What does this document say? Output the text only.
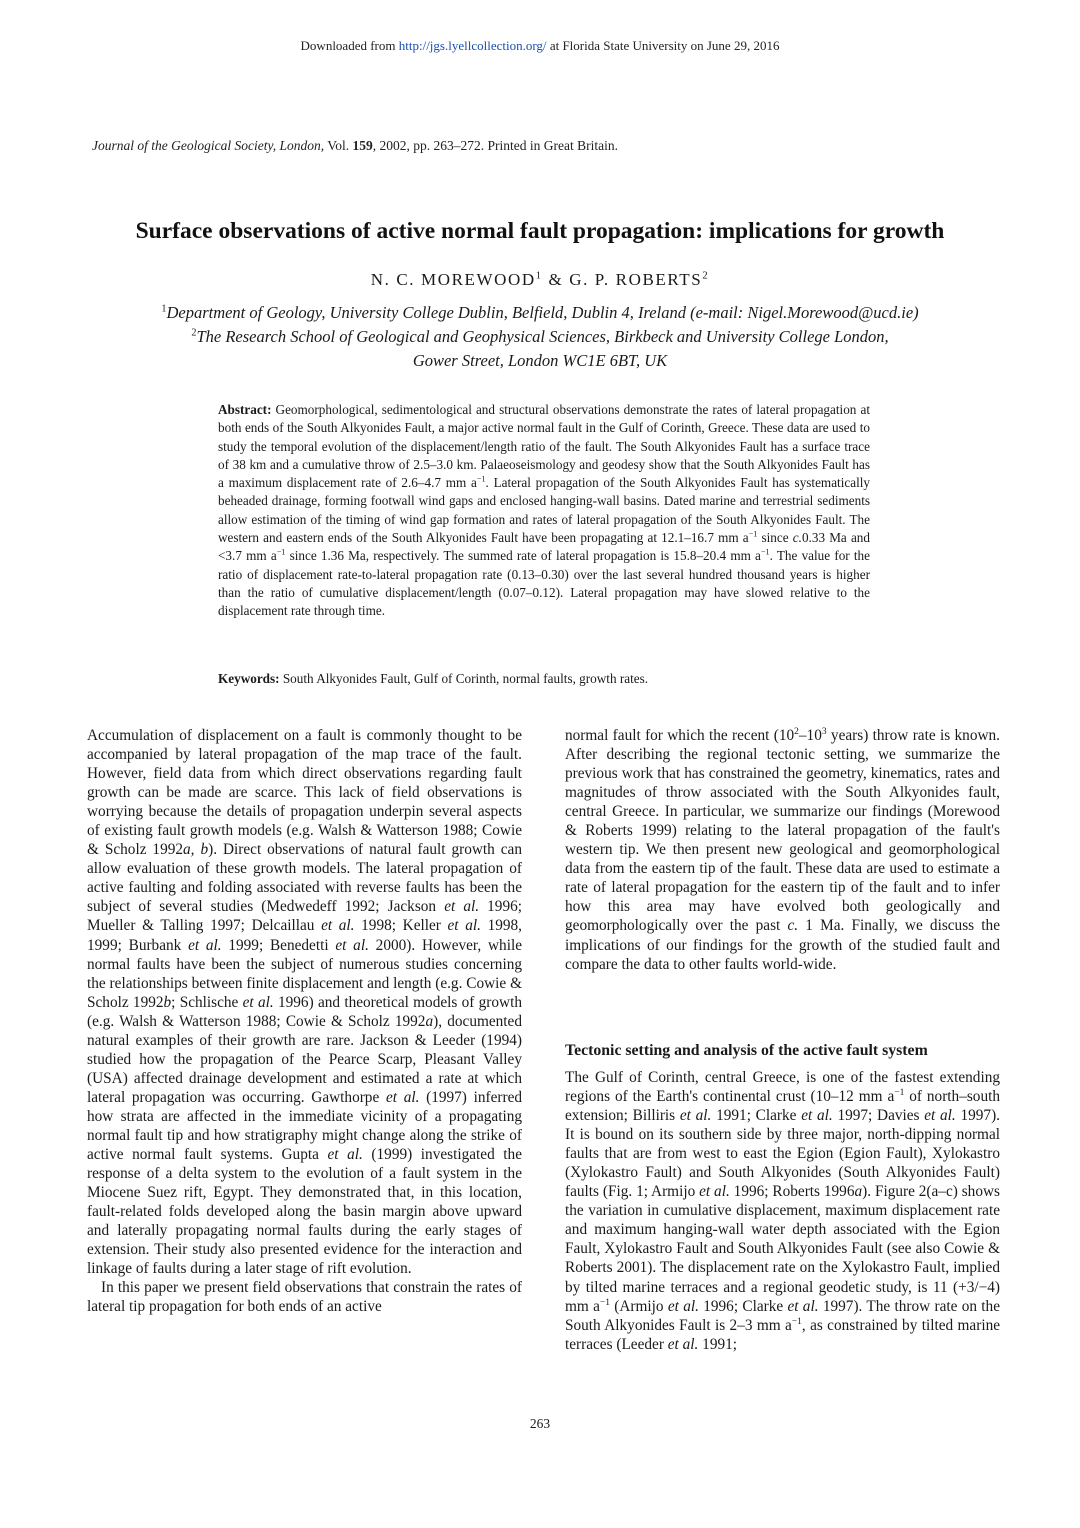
Downloaded from http://jgs.lyellcollection.org/ at Florida State University on June 29, 2016
Journal of the Geological Society, London, Vol. 159, 2002, pp. 263–272. Printed in Great Britain.
Surface observations of active normal fault propagation: implications for growth
N. C. MOREWOOD$^1$ & G. P. ROBERTS$^2$
$^1$Department of Geology, University College Dublin, Belfield, Dublin 4, Ireland (e-mail: Nigel.Morewood@ucd.ie)
$^2$The Research School of Geological and Geophysical Sciences, Birkbeck and University College London,
Gower Street, London WC1E 6BT, UK
Abstract: Geomorphological, sedimentological and structural observations demonstrate the rates of lateral propagation at both ends of the South Alkyonides Fault, a major active normal fault in the Gulf of Corinth, Greece. These data are used to study the temporal evolution of the displacement/length ratio of the fault. The South Alkyonides Fault has a surface trace of 38 km and a cumulative throw of 2.5–3.0 km. Palaeoseismology and geodesy show that the South Alkyonides Fault has a maximum displacement rate of 2.6–4.7 mm $a^{-1}$. Lateral propagation of the South Alkyonides Fault has systematically beheaded drainage, forming footwall wind gaps and enclosed hanging-wall basins. Dated marine and terrestrial sediments allow estimation of the timing of wind gap formation and rates of lateral propagation of the South Alkyonides Fault. The western and eastern ends of the South Alkyonides Fault have been propagating at 12.1–16.7 mm $a^{-1}$ since c.0.33 Ma and <3.7 mm $a^{-1}$ since 1.36 Ma, respectively. The summed rate of lateral propagation is 15.8–20.4 mm $a^{-1}$. The value for the ratio of displacement rate-to-lateral propagation rate (0.13–0.30) over the last several hundred thousand years is higher than the ratio of cumulative displacement/length (0.07–0.12). Lateral propagation may have slowed relative to the displacement rate through time.
Keywords: South Alkyonides Fault, Gulf of Corinth, normal faults, growth rates.

Accumulation of displacement on a fault is commonly thought to be accompanied by lateral propagation of the map trace of the fault. However, field data from which direct observations regarding fault growth can be made are scarce. This lack of field observations is worrying because the details of propagation underpin several aspects of existing fault growth models (e.g. Walsh & Watterson 1988; Cowie & Scholz 1992a, b). Direct observations of natural fault growth can allow evaluation of these growth models. The lateral propagation of active faulting and folding associated with reverse faults has been the subject of several studies (Medwedeff 1992; Jackson et al. 1996; Mueller & Talling 1997; Delcaillau et al. 1998; Keller et al. 1998, 1999; Burbank et al. 1999; Benedetti et al. 2000). However, while normal faults have been the subject of numerous studies concerning the relationships between finite displacement and length (e.g. Cowie & Scholz 1992b; Schlische et al. 1996) and theoretical models of growth (e.g. Walsh & Watterson 1988; Cowie & Scholz 1992a), documented natural examples of their growth are rare. Jackson & Leeder (1994) studied how the propagation of the Pearce Scarp, Pleasant Valley (USA) affected drainage development and estimated a rate at which lateral propagation was occurring. Gawthorpe et al. (1997) inferred how strata are affected in the immediate vicinity of a propagating normal fault tip and how stratigraphy might change along the strike of active normal fault systems. Gupta et al. (1999) investigated the response of a delta system to the evolution of a fault system in the Miocene Suez rift, Egypt. They demonstrated that, in this location, fault-related folds developed along the basin margin above upward and laterally propagating normal faults during the early stages of extension. Their study also presented evidence for the interaction and linkage of faults during a later stage of rift evolution.

In this paper we present field observations that constrain the rates of lateral tip propagation for both ends of an active

normal fault for which the recent ($10^2-10^3$ years) throw rate is known. After describing the regional tectonic setting, we summarize the previous work that has constrained the geometry, kinematics, rates and magnitudes of throw associated with the South Alkyonides fault, central Greece. In particular, we summarize our findings (Morewood & Roberts 1999) relating to the lateral propagation of the fault's western tip. We then present new geological and geomorphological data from the eastern tip of the fault. These data are used to estimate a rate of lateral propagation for the eastern tip of the fault and to infer how this area may have evolved both geologically and geomorphologically over the past c. 1 Ma. Finally, we discuss the implications of our findings for the growth of the studied fault and compare the data to other faults world-wide.

Tectonic setting and analysis of the active fault system

The Gulf of Corinth, central Greece, is one of the fastest extending regions of the Earth's continental crust (10–12 mm $a^{-1}$ of north–south extension; Billiris et al. 1991; Clarke et al. 1997; Davies et al. 1997). It is bound on its southern side by three major, north-dipping normal faults that are from west to east the Egion (Egion Fault), Xylokastro (Xylokastro Fault) and South Alkyonides (South Alkyonides Fault) faults (Fig. 1; Armijo et al. 1996; Roberts 1996a). Figure 2(a–c) shows the variation in cumulative displacement, maximum displacement rate and maximum hanging-wall water depth associated with the Egion Fault, Xylokastro Fault and South Alkyonides Fault (see also Cowie & Roberts 2001). The displacement rate on the Xylokastro Fault, implied by tilted marine terraces and a regional geodetic study, is 11 (+3/−4) mm $a^{-1}$ (Armijo et al. 1996; Clarke et al. 1997). The throw rate on the South Alkyonides Fault is 2–3 mm $a^{-1}$, as constrained by tilted marine terraces (Leeder et al. 1991;

263
